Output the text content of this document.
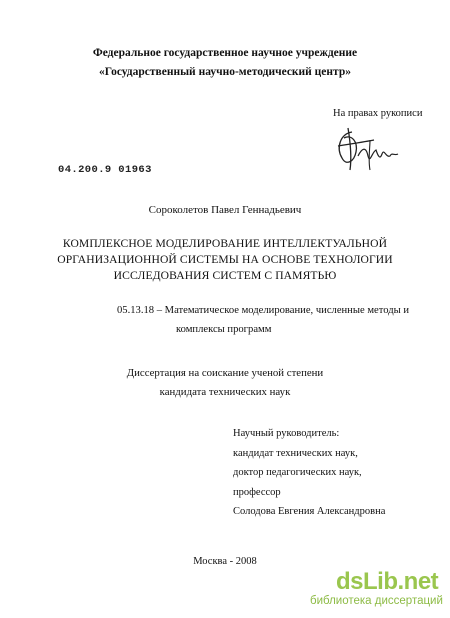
Федеральное государственное научное учреждение
«Государственный научно-методический центр»
На правах рукописи
04.200.9 01963
Сороколетов Павел Геннадьевич
КОМПЛЕКСНОЕ МОДЕЛИРОВАНИЕ ИНТЕЛЛЕКТУАЛЬНОЙ
ОРГАНИЗАЦИОННОЙ СИСТЕМЫ НА ОСНОВЕ ТЕХНОЛОГИИ
ИССЛЕДОВАНИЯ СИСТЕМ С ПАМЯТЬЮ
05.13.18 – Математическое моделирование, численные методы и
комплексы программ
Диссертация на соискание ученой степени
кандидата технических наук
Научный руководитель:
кандидат технических наук,
доктор педагогических наук,
профессор
Солодова Евгения Александровна
Москва - 2008
dsLib.net
библиотека диссертаций
